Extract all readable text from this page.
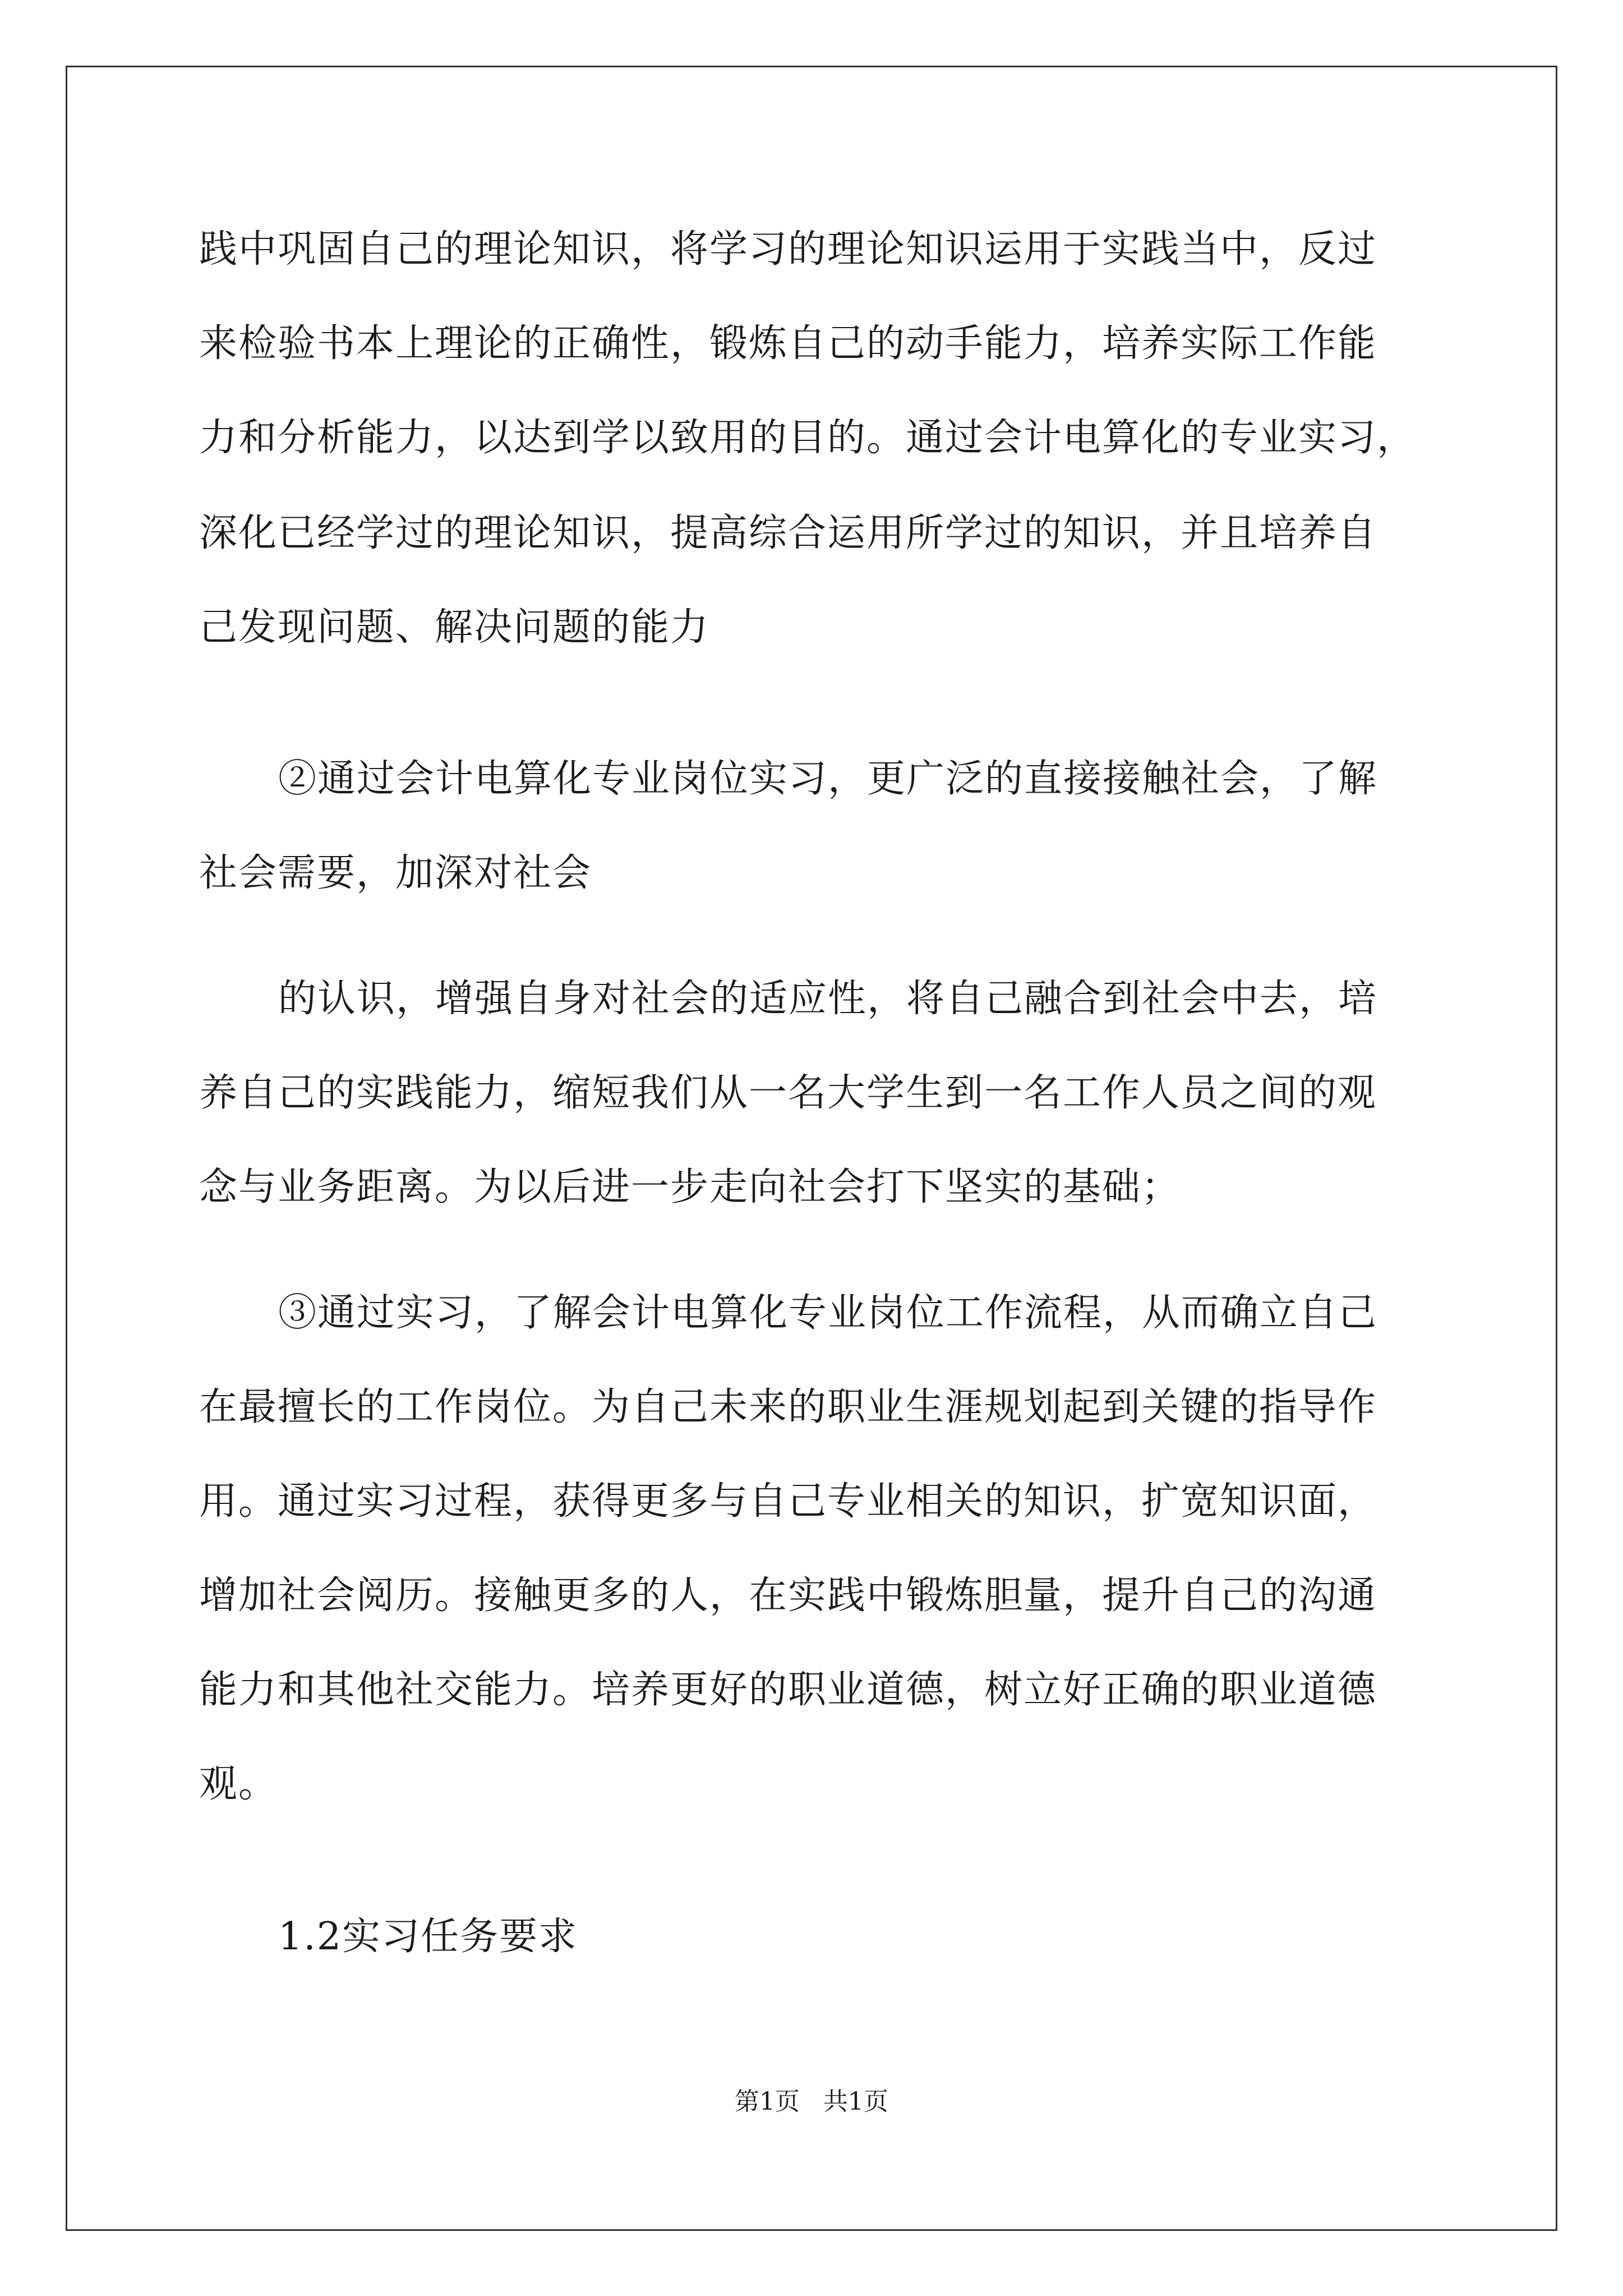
践中巩固自己的理论知识，将学习的理论知识运用于实践当中，反过
来检验书本上理论的正确性，锻炼自己的动手能力，培养实际工作能
力和分析能力，以达到学以致用的目的。通过会计电算化的专业实习，
深化已经学过的理论知识，提高综合运用所学过的知识，并且培养自
己发现问题、解决问题的能力
②通过会计电算化专业岗位实习，更广泛的直接接触社会，了解
社会需要，加深对社会
的认识，增强自身对社会的适应性，将自己融合到社会中去，培
养自己的实践能力，缩短我们从一名大学生到一名工作人员之间的观
念与业务距离。为以后进一步走向社会打下坚实的基础；
③通过实习，了解会计电算化专业岗位工作流程，从而确立自己
在最擅长的工作岗位。为自己未来的职业生涯规划起到关键的指导作
用。通过实习过程，获得更多与自己专业相关的知识，扩宽知识面，
增加社会阅历。接触更多的人，在实践中锻炼胆量，提升自己的沟通
能力和其他社交能力。培养更好的职业道德，树立好正确的职业道德
观。
1.2实习任务要求
第1页   共1页
